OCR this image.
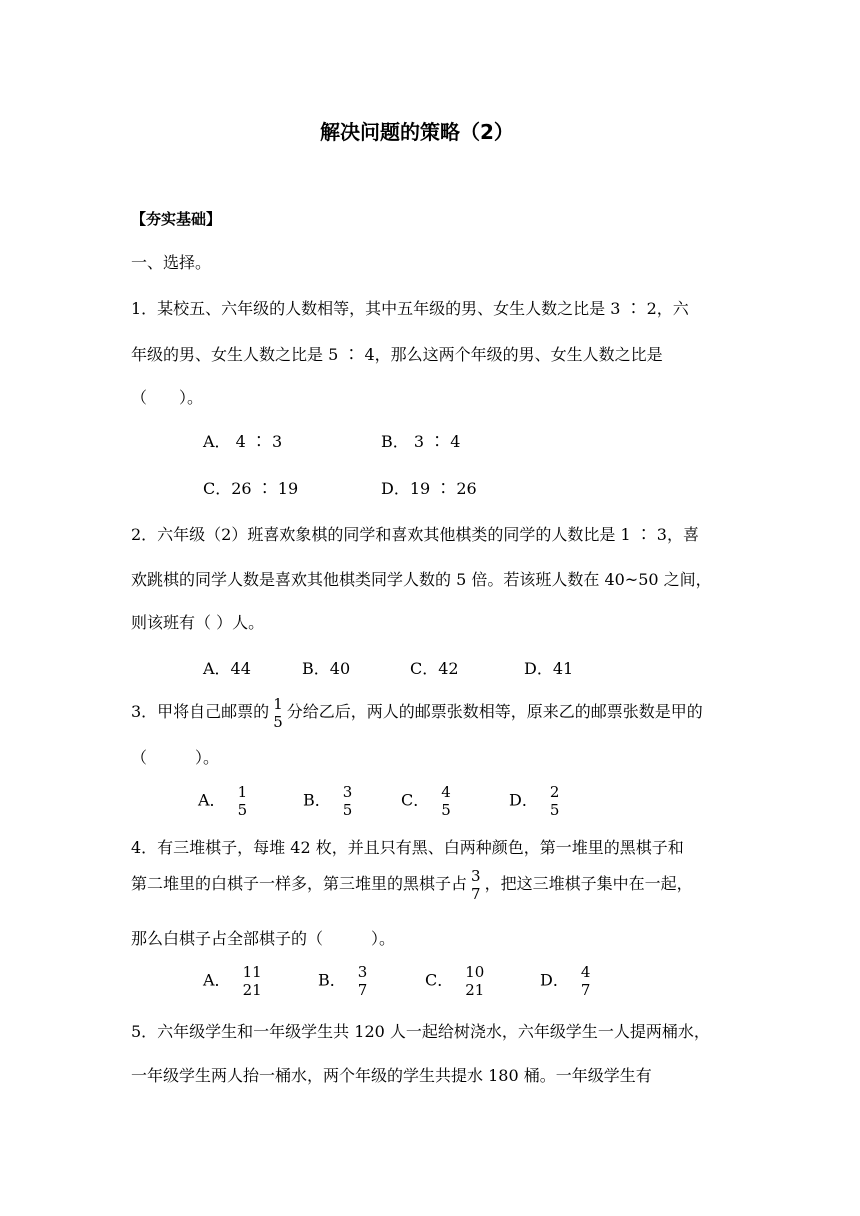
解决问题的策略（2）
【夯实基础】
一、选择。
1．某校五、六年级的人数相等，其中五年级的男、女生人数之比是 3 ∶ 2，六
年级的男、女生人数之比是 5 ∶ 4，那么这两个年级的男、女生人数之比是
（　　）。
A． 4 ∶ 3	B． 3 ∶ 4
C．26 ∶ 19	D．19 ∶ 26
2．六年级（2）班喜欢象棋的同学和喜欢其他棋类的同学的人数比是 1 ∶ 3，喜
欢跳棋的同学人数是喜欢其他棋类同学人数的 5 倍。若该班人数在 40~50 之间，
则该班有（ ）人。
A．44	B．40	C．42	D．41
3．甲将自己邮票的 1
5
分给乙后，两人的邮票张数相等，原来乙的邮票张数是甲的
（　　　）。
A． 1
5
B． 3
5
C． 4
5
D． 2
5
4．有三堆棋子，每堆 42 枚，并且只有黑、白两种颜色，第一堆里的黑棋子和
第二堆里的白棋子一样多，第三堆里的黑棋子占 3
7
，把这三堆棋子集中在一起，
那么白棋子占全部棋子的（　　　）。
A． 11
21
B． 3
7
C． 10
21
D． 4
7
5．六年级学生和一年级学生共 120 人一起给树浇水，六年级学生一人提两桶水，
一年级学生两人抬一桶水，两个年级的学生共提水 180 桶。一年级学生有
